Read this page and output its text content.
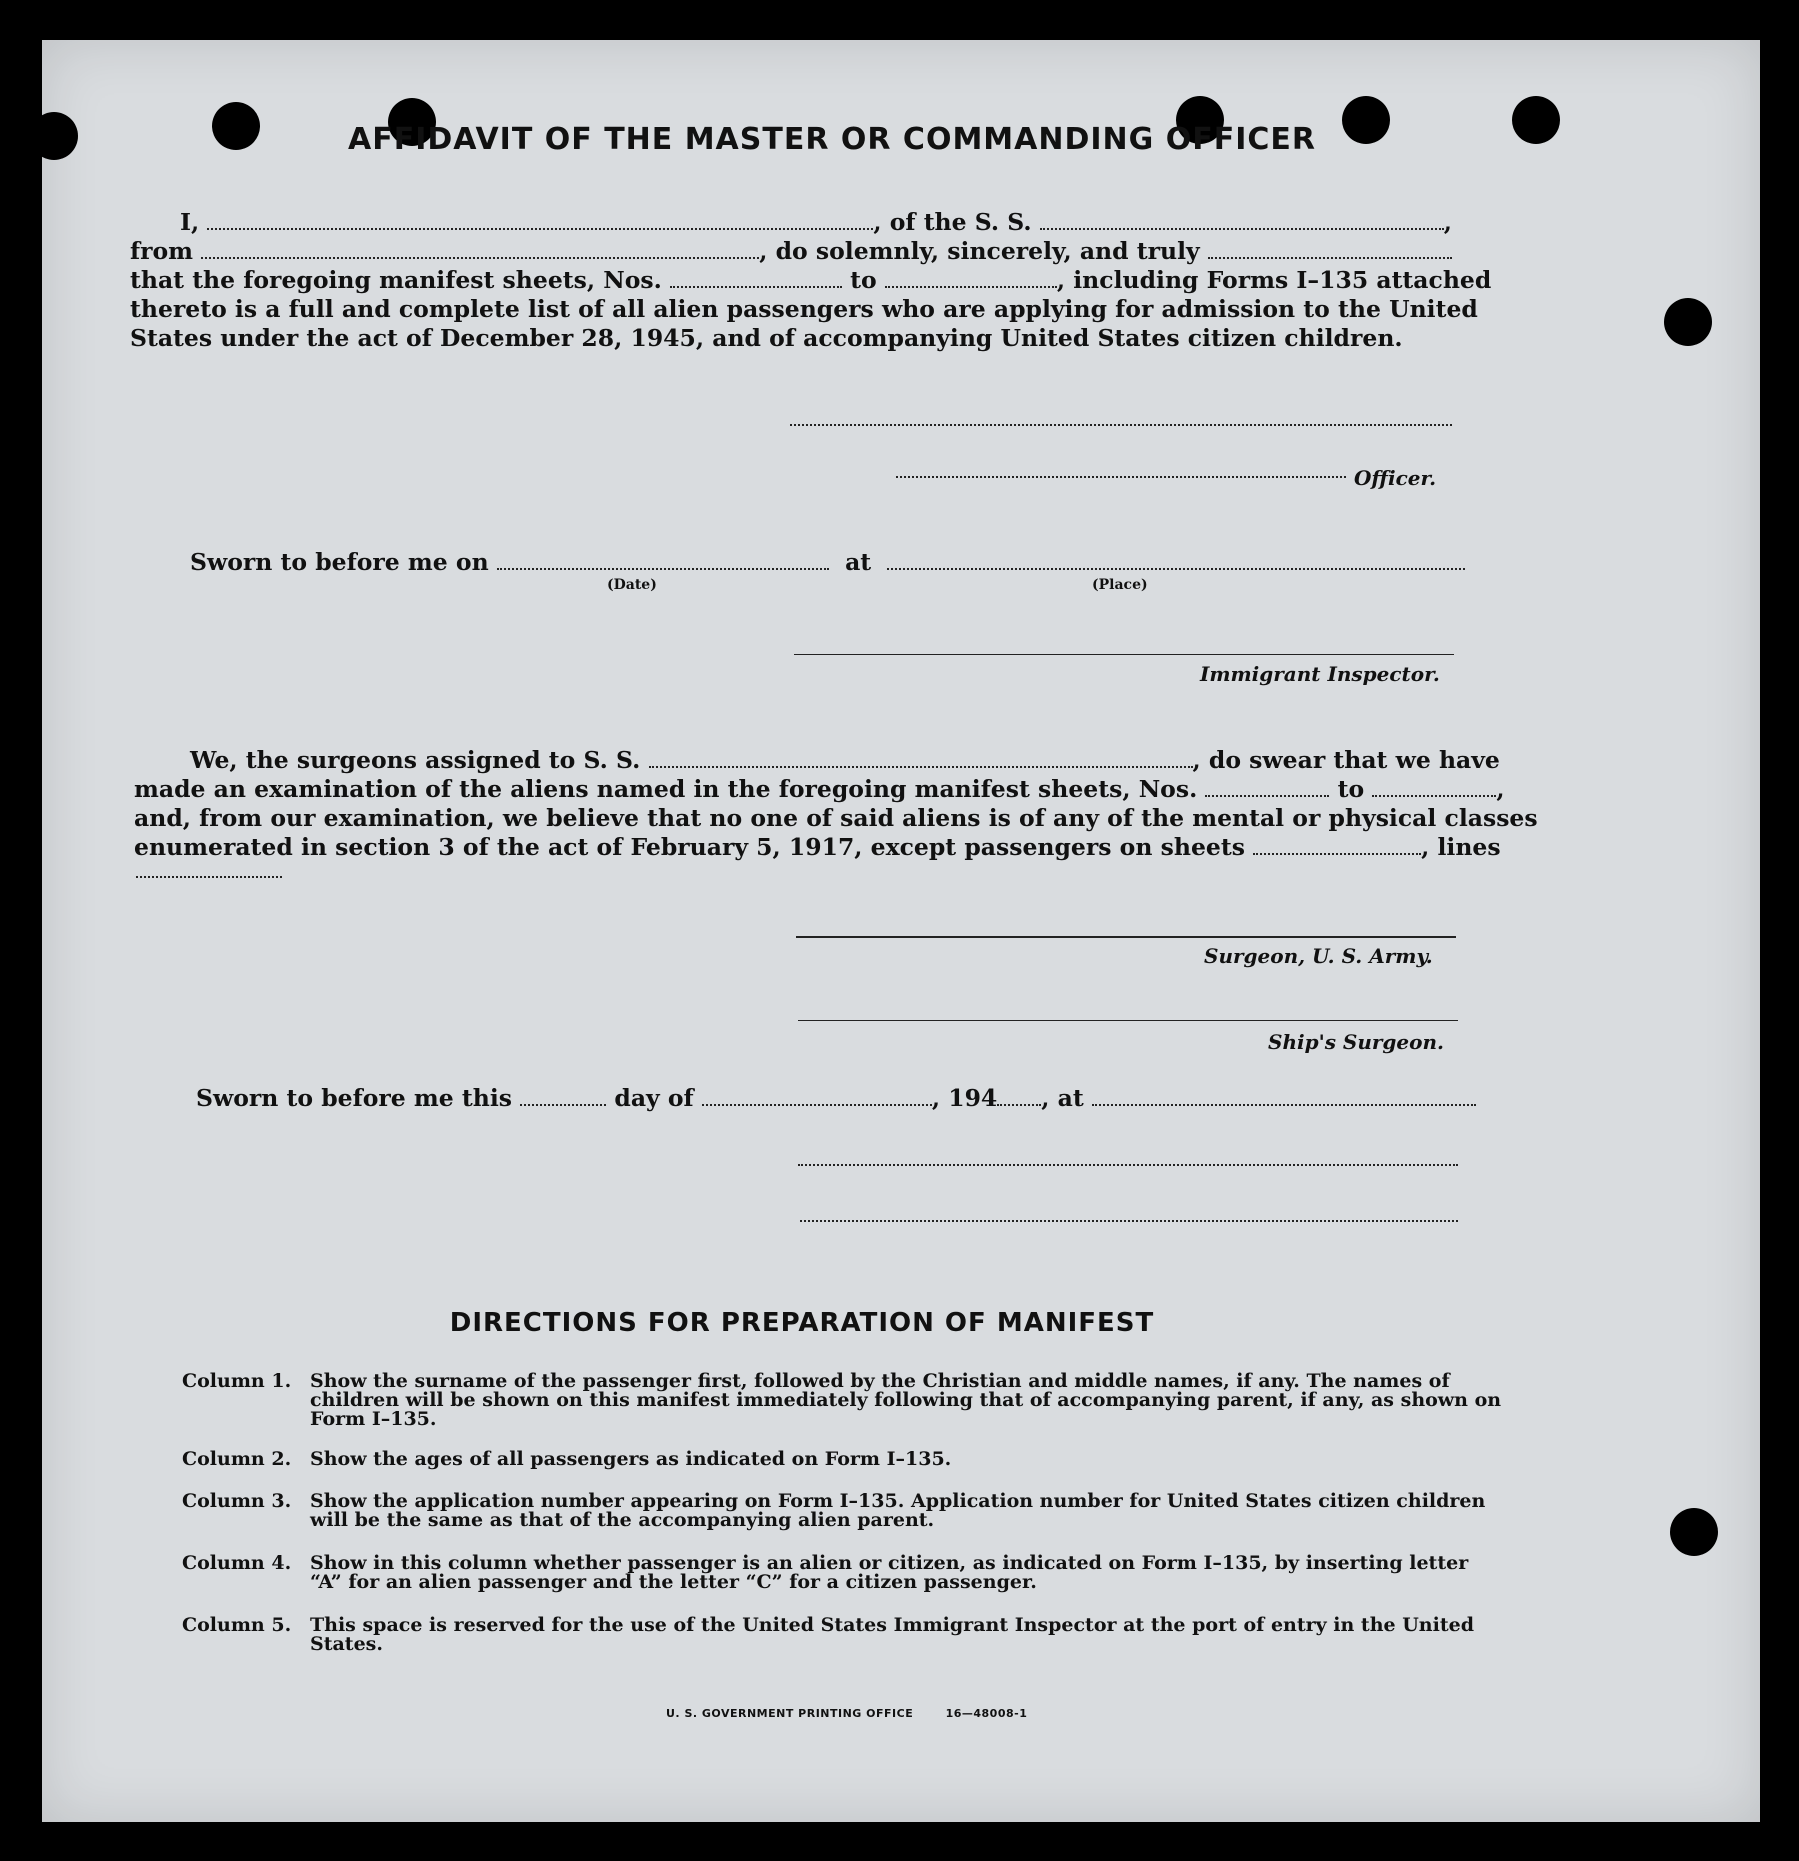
AFFIDAVIT OF THE MASTER OR COMMANDING OFFICER
I,	, of the S. S.	,
from	, do solemnly, sincerely, and truly
that the foregoing manifest sheets, Nos.	to	, including Forms I–135 attached
thereto is a full and complete list of all alien passengers who are applying for admission to the United
States under the act of December 28, 1945, and of accompanying United States citizen children.
Officer.
Sworn to before me on	at
(Date)	(Place)
Immigrant Inspector.
We, the surgeons assigned to S. S.	, do swear that we have
made an examination of the aliens named in the foregoing manifest sheets, Nos.	to	,
and, from our examination, we believe that no one of said aliens is of any of the mental or physical classes
enumerated in section 3 of the act of February 5, 1917, except passengers on sheets	, lines
Surgeon, U. S. Army.
Ship's Surgeon.
Sworn to before me this	day of	, 194 , at
DIRECTIONS FOR PREPARATION OF MANIFEST
Column 1. Show the surname of the passenger first, followed by the Christian and middle names, if any. The names of children will be shown on this manifest immediately following that of accompanying parent, if any, as shown on Form I–135.
Column 2. Show the ages of all passengers as indicated on Form I–135.
Column 3. Show the application number appearing on Form I–135. Application number for United States citizen children will be the same as that of the accompanying alien parent.
Column 4. Show in this column whether passenger is an alien or citizen, as indicated on Form I–135, by inserting letter “A” for an alien passenger and the letter “C” for a citizen passenger.
Column 5. This space is reserved for the use of the United States Immigrant Inspector at the port of entry in the United States.
U. S. GOVERNMENT PRINTING OFFICE	16—48008-1
